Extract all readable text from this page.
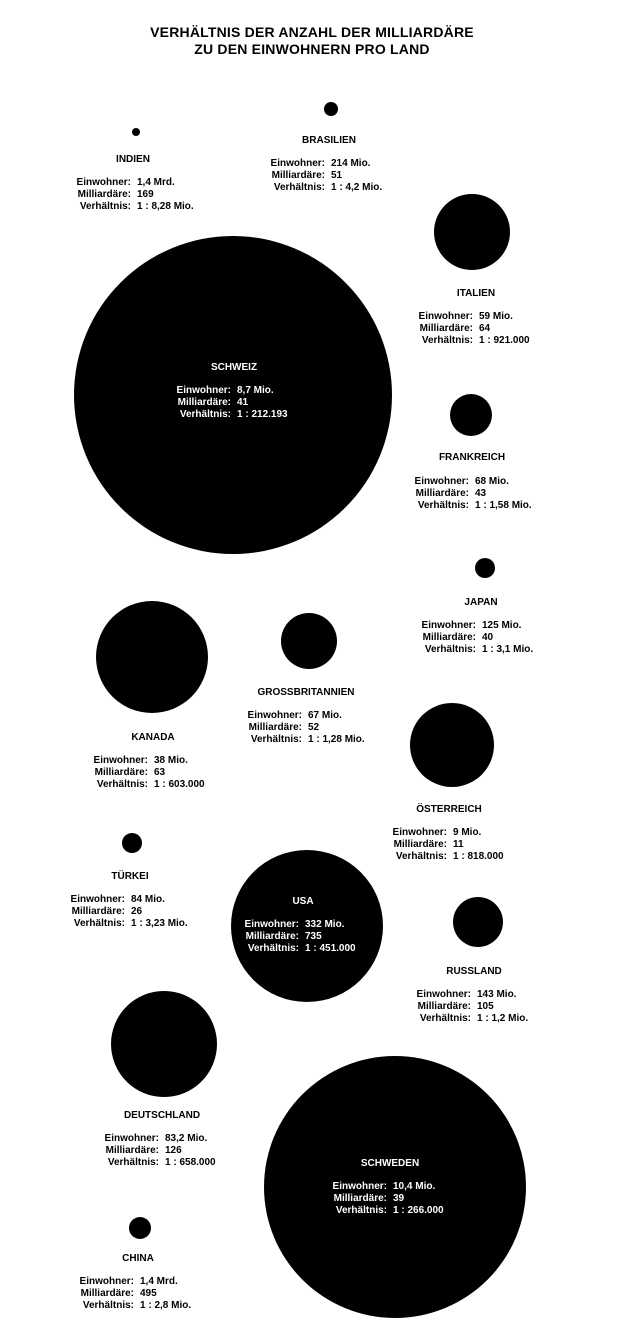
VERHÄLTNIS DER ANZAHL DER MILLIARDÄRE
ZU DEN EINWOHNERN PRO LAND
INDIEN
Einwohner: 1,4 Mrd.
Milliardäre: 169
Verhältnis: 1 : 8,28 Mio.
BRASILIEN
Einwohner: 214 Mio.
Milliardäre: 51
Verhältnis: 1 : 4,2 Mio.
ITALIEN
Einwohner: 59 Mio.
Milliardäre: 64
Verhältnis: 1 : 921.000
SCHWEIZ
Einwohner: 8,7 Mio.
Milliardäre: 41
Verhältnis: 1 : 212.193
FRANKREICH
Einwohner: 68 Mio.
Milliardäre: 43
Verhältnis: 1 : 1,58 Mio.
JAPAN
Einwohner: 125 Mio.
Milliardäre: 40
Verhältnis: 1 : 3,1 Mio.
KANADA
Einwohner: 38 Mio.
Milliardäre: 63
Verhältnis: 1 : 603.000
GROSSBRITANNIEN
Einwohner: 67 Mio.
Milliardäre: 52
Verhältnis: 1 : 1,28 Mio.
ÖSTERREICH
Einwohner: 9 Mio.
Milliardäre: 11
Verhältnis: 1 : 818.000
TÜRKEI
Einwohner: 84 Mio.
Milliardäre: 26
Verhältnis: 1 : 3,23 Mio.
USA
Einwohner: 332 Mio.
Milliardäre: 735
Verhältnis: 1 : 451.000
RUSSLAND
Einwohner: 143 Mio.
Milliardäre: 105
Verhältnis: 1 : 1,2 Mio.
DEUTSCHLAND
Einwohner: 83,2 Mio.
Milliardäre: 126
Verhältnis: 1 : 658.000	SCHWEDEN
Einwohner: 10,4 Mio.
Milliardäre: 39
Verhältnis: 1 : 266.000
CHINA
Einwohner: 1,4 Mrd.
Milliardäre: 495
Verhältnis: 1 : 2,8 Mio.
